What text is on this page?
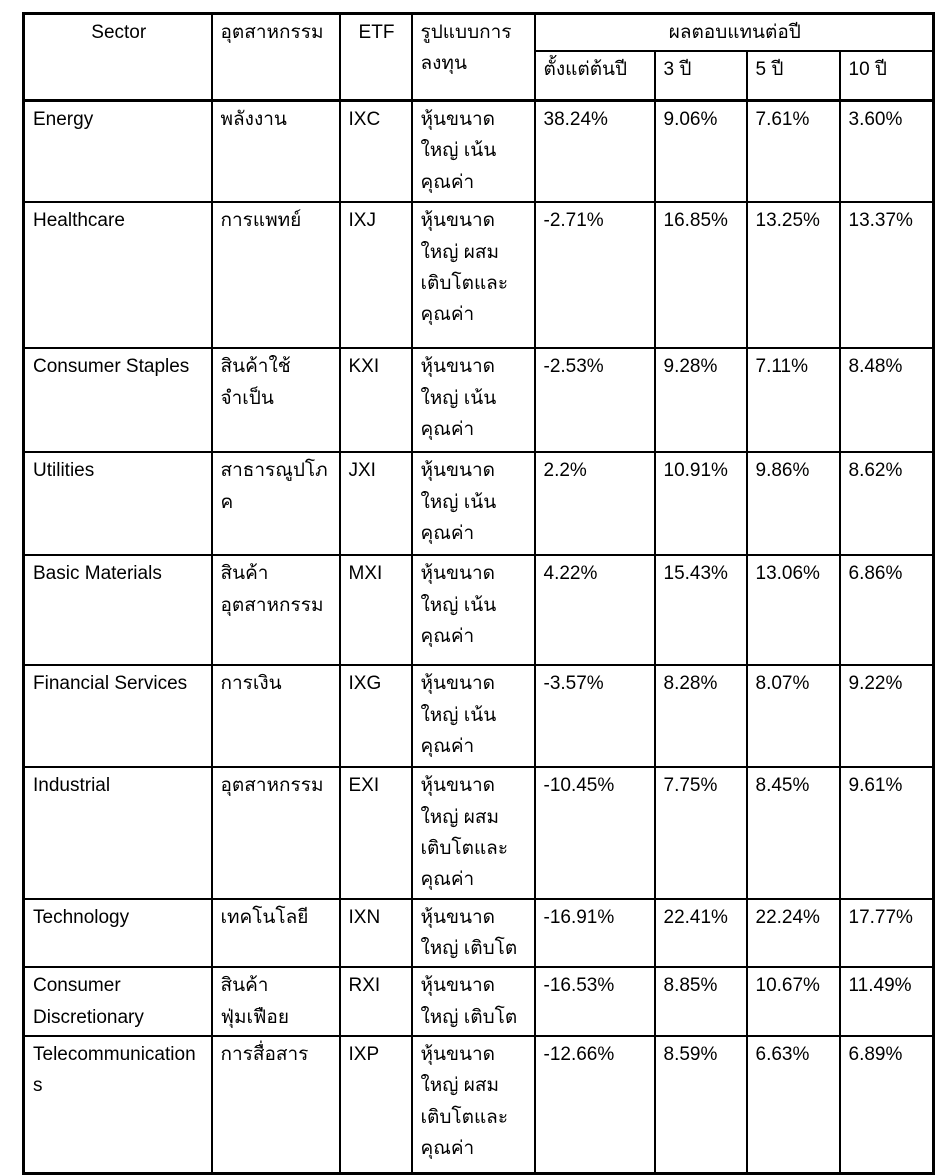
Sector	อุตสาหกรรม	ETF	รูปแบบการลงทุน	ผลตอบแทนต่อปี			
				ตั้งแต่ต้นปี	3 ปี	5 ปี	10 ปี
Energy	พลังงาน	IXC	หุ้นขนาดใหญ่ เน้นคุณค่า	38.24%	9.06%	7.61%	3.60%
Healthcare	การแพทย์	IXJ	หุ้นขนาดใหญ่ ผสมเติบโตและคุณค่า	-2.71%	16.85%	13.25%	13.37%
Consumer Staples	สินค้าใช้จำเป็น	KXI	หุ้นขนาดใหญ่ เน้นคุณค่า	-2.53%	9.28%	7.11%	8.48%
Utilities	สาธารณูปโภค	JXI	หุ้นขนาดใหญ่ เน้นคุณค่า	2.2%	10.91%	9.86%	8.62%
Basic Materials	สินค้าอุตสาหกรรม	MXI	หุ้นขนาดใหญ่ เน้นคุณค่า	4.22%	15.43%	13.06%	6.86%
Financial Services	การเงิน	IXG	หุ้นขนาดใหญ่ เน้นคุณค่า	-3.57%	8.28%	8.07%	9.22%
Industrial	อุตสาหกรรม	EXI	หุ้นขนาดใหญ่ ผสมเติบโตและคุณค่า	-10.45%	7.75%	8.45%	9.61%
Technology	เทคโนโลยี	IXN	หุ้นขนาดใหญ่ เติบโต	-16.91%	22.41%	22.24%	17.77%
Consumer Discretionary	สินค้าฟุ่มเฟือย	RXI	หุ้นขนาดใหญ่ เติบโต	-16.53%	8.85%	10.67%	11.49%
Telecommunications	การสื่อสาร	IXP	หุ้นขนาดใหญ่ ผสมเติบโตและคุณค่า	-12.66%	8.59%	6.63%	6.89%
